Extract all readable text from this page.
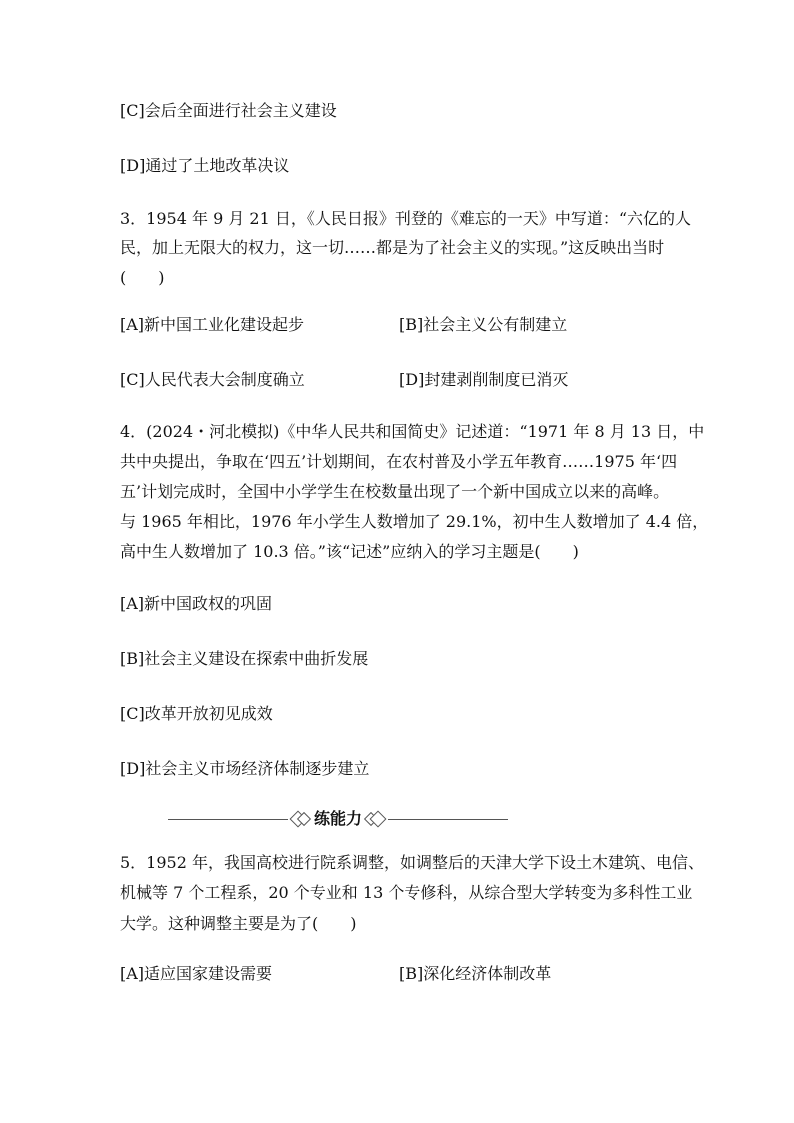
[C]会后全面进行社会主义建设
[D]通过了土地改革决议
3．1954 年 9 月 21 日，《人民日报》刊登的《难忘的一天》中写道：“六亿的人
民，加上无限大的权力，这一切……都是为了社会主义的实现。”这反映出当时
(　　)
[A]新中国工业化建设起步	[B]社会主义公有制建立
[C]人民代表大会制度确立	[D]封建剥削制度已消灭
4．(2024・河北模拟)《中华人民共和国简史》记述道：“1971 年 8 月 13 日，中
共中央提出，争取在‘四五’计划期间，在农村普及小学五年教育……1975 年‘四
五’计划完成时，全国中小学学生在校数量出现了一个新中国成立以来的高峰。
与 1965 年相比，1976 年小学生人数增加了 29.1%，初中生人数增加了 4.4 倍，
高中生人数增加了 10.3 倍。”该“记述”应纳入的学习主题是(　　)
[A]新中国政权的巩固
[B]社会主义建设在探索中曲折发展
[C]改革开放初见成效
[D]社会主义市场经济体制逐步建立
练能力
5．1952 年，我国高校进行院系调整，如调整后的天津大学下设土木建筑、电信、
机械等 7 个工程系，20 个专业和 13 个专修科，从综合型大学转变为多科性工业
大学。这种调整主要是为了(　　)
[A]适应国家建设需要	[B]深化经济体制改革
